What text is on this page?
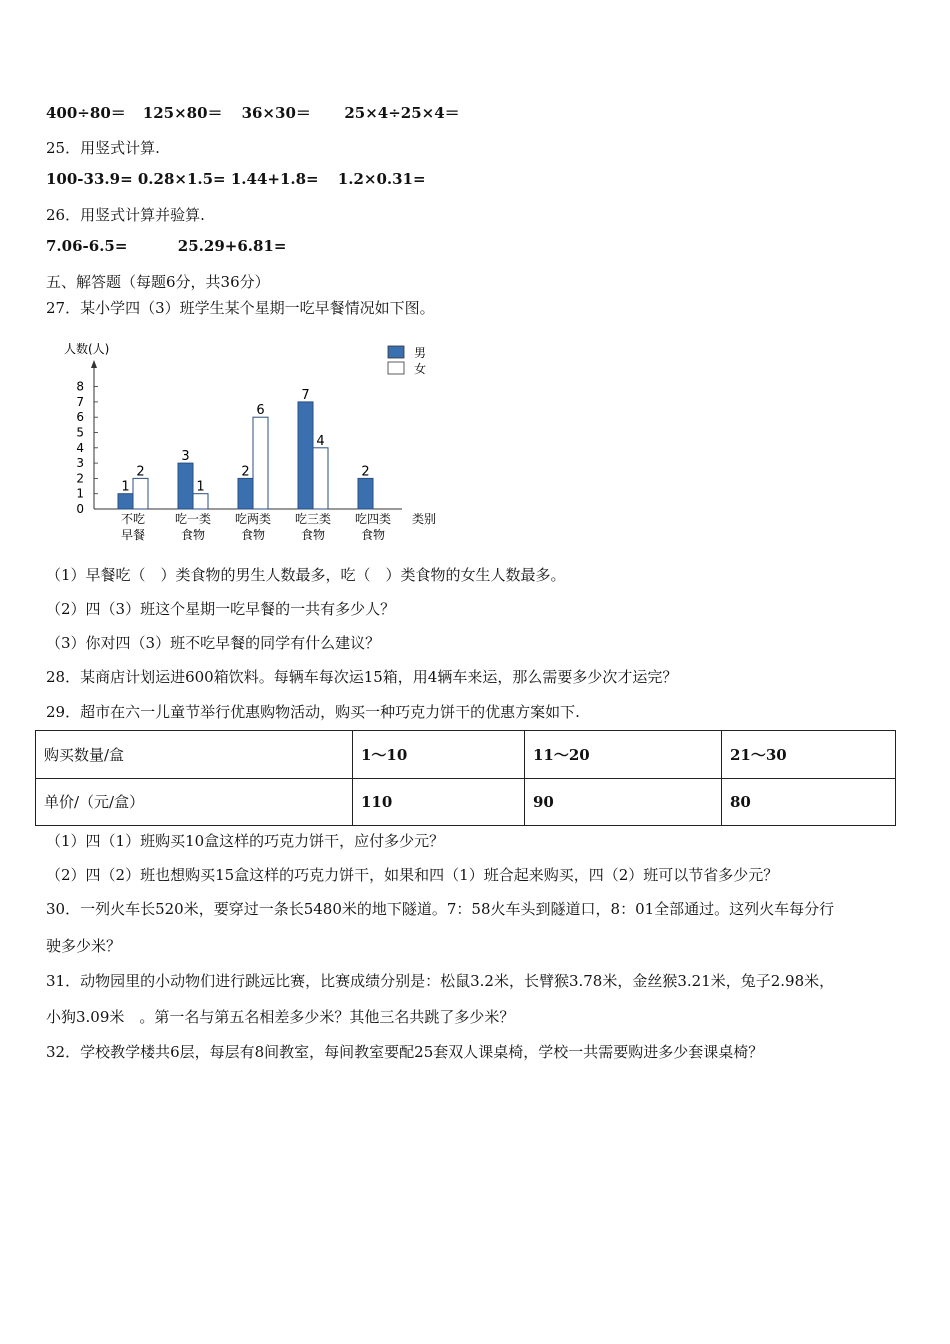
400÷80＝ 125×80＝ 36×30＝ 25×4÷25×4＝
25．用竖式计算.
100-33.9= 0.28×1.5= 1.44+1.8= 1.2×0.31=
26．用竖式计算并验算.
7.06-6.5=	25.29+6.81=
五、解答题（每题6分，共36分）
27．某小学四（3）班学生某个星期一吃早餐情况如下图。
人数(人)
0
1
2
3
4
5
6
7
8
1
2
3
1
2
6
7
4
2
不吃
早餐
吃一类
食物
吃两类
食物
吃三类
食物
吃四类
食物
类别
男
女
（1）早餐吃（　）类食物的男生人数最多，吃（　）类食物的女生人数最多。
（2）四（3）班这个星期一吃早餐的一共有多少人？
（3）你对四（3）班不吃早餐的同学有什么建议？
28．某商店计划运进600箱饮料。每辆车每次运15箱，用4辆车来运，那么需要多少次才运完？
29．超市在六一儿童节举行优惠购物活动，购买一种巧克力饼干的优惠方案如下.
购买数量/盒	1～10	11～20	21～30
单价/（元/盒）	110	90	80
（1）四（1）班购买10盒这样的巧克力饼干，应付多少元？
（2）四（2）班也想购买15盒这样的巧克力饼干，如果和四（1）班合起来购买，四（2）班可以节省多少元？
30．一列火车长520米，要穿过一条长5480米的地下隧道。7：58火车头到隧道口，8：01全部通过。这列火车每分行
驶多少米？
31．动物园里的小动物们进行跳远比赛，比赛成绩分别是：松鼠3.2米，长臂猴3.78米，金丝猴3.21米，兔子2.98米，
小狗3.09米　。第一名与第五名相差多少米？其他三名共跳了多少米？
32．学校教学楼共6层，每层有8间教室，每间教室要配25套双人课桌椅，学校一共需要购进多少套课桌椅？
